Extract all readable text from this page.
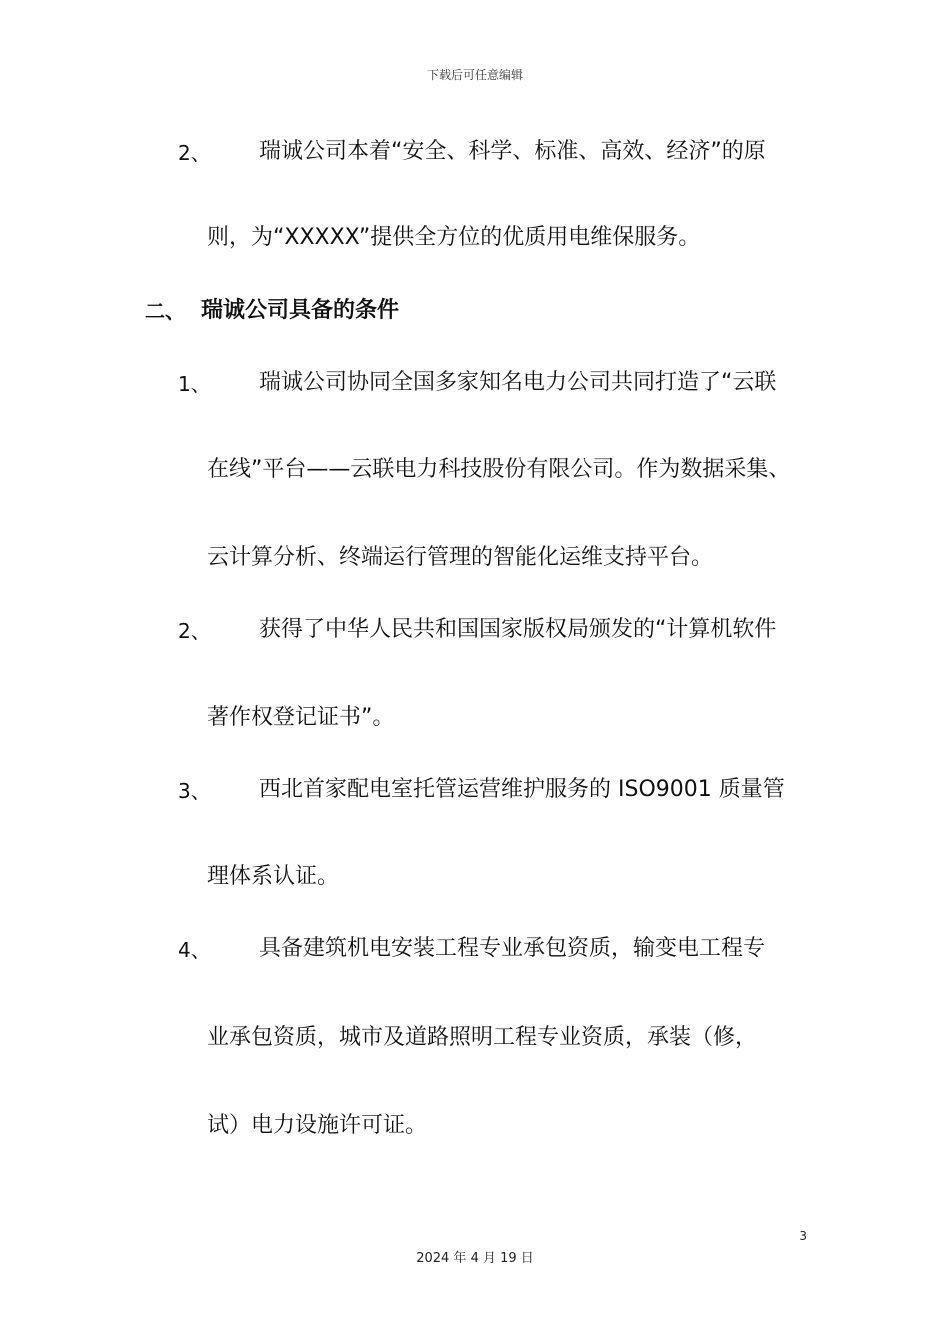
下载后可任意编辑
2、 瑞诚公司本着“安全、科学、标准、高效、经济”的原
则，为“XXXXX”提供全方位的优质用电维保服务。
二、 瑞诚公司具备的条件
1、 瑞诚公司协同全国多家知名电力公司共同打造了“云联
在线”平台——云联电力科技股份有限公司。作为数据采集、
云计算分析、终端运行管理的智能化运维支持平台。
2、 获得了中华人民共和国国家版权局颁发的“计算机软件
著作权登记证书”。
3、 西北首家配电室托管运营维护服务的 ISO9001 质量管
理体系认证。
4、 具备建筑机电安装工程专业承包资质，输变电工程专
业承包资质，城市及道路照明工程专业资质，承装（修，
试）电力设施许可证。
3
2024 年 4 月 19 日
